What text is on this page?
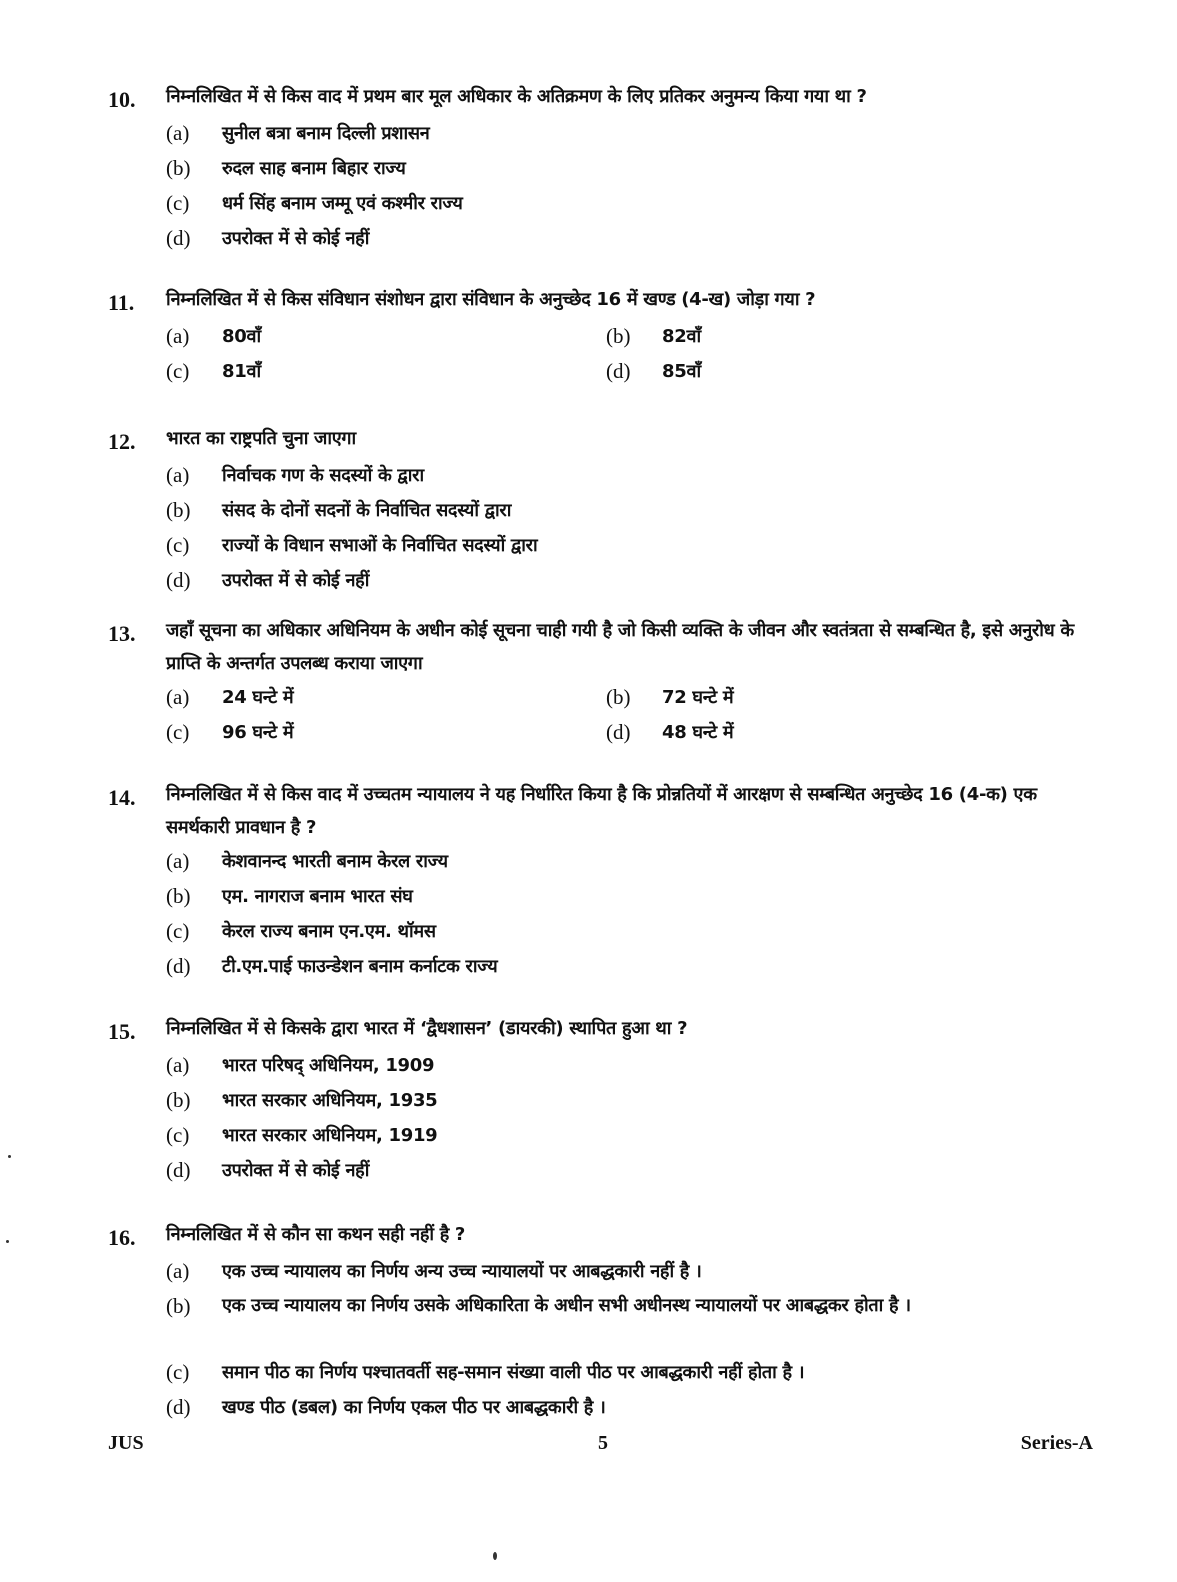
10.	निम्नलिखित में से किस वाद में प्रथम बार मूल अधिकार के अतिक्रमण के लिए प्रतिकर अनुमन्य किया गया था ?
(a)	सुनील बत्रा बनाम दिल्ली प्रशासन
(b)	रुदल साह बनाम बिहार राज्य
(c)	धर्म सिंह बनाम जम्मू एवं कश्मीर राज्य
(d)	उपरोक्त में से कोई नहीं
11.	निम्नलिखित में से किस संविधान संशोधन द्वारा संविधान के अनुच्छेद 16 में खण्ड (4-ख) जोड़ा गया ?
(a)	80वाँ	(b)	82वाँ
(c)	81वाँ	(d)	85वाँ
12.	भारत का राष्ट्रपति चुना जाएगा
(a)	निर्वाचक गण के सदस्यों के द्वारा
(b)	संसद के दोनों सदनों के निर्वाचित सदस्यों द्वारा
(c)	राज्यों के विधान सभाओं के निर्वाचित सदस्यों द्वारा
(d)	उपरोक्त में से कोई नहीं
13.	जहाँ सूचना का अधिकार अधिनियम के अधीन कोई सूचना चाही गयी है जो किसी व्यक्ति के जीवन और स्वतंत्रता से सम्बन्धित है, इसे अनुरोध के प्राप्ति के अन्तर्गत उपलब्ध कराया जाएगा
(a)	24 घन्टे में	(b)	72 घन्टे में
(c)	96 घन्टे में	(d)	48 घन्टे में
14.	निम्नलिखित में से किस वाद में उच्चतम न्यायालय ने यह निर्धारित किया है कि प्रोन्नतियों में आरक्षण से सम्बन्धित अनुच्छेद 16 (4-क) एक समर्थकारी प्रावधान है ?
(a)	केशवानन्द भारती बनाम केरल राज्य
(b)	एम. नागराज बनाम भारत संघ
(c)	केरल राज्य बनाम एन.एम. थॉमस
(d)	टी.एम.पाई फाउन्डेशन बनाम कर्नाटक राज्य
15.	निम्नलिखित में से किसके द्वारा भारत में ‘द्वैधशासन’ (डायरकी) स्थापित हुआ था ?
(a)	भारत परिषद् अधिनियम, 1909
(b)	भारत सरकार अधिनियम, 1935
(c)	भारत सरकार अधिनियम, 1919
(d)	उपरोक्त में से कोई नहीं
16.	निम्नलिखित में से कौन सा कथन सही नहीं है ?
(a)	एक उच्च न्यायालय का निर्णय अन्य उच्च न्यायालयों पर आबद्धकारी नहीं है ।
(b)	एक उच्च न्यायालय का निर्णय उसके अधिकारिता के अधीन सभी अधीनस्थ न्यायालयों पर आबद्धकर होता है ।
(c)	समान पीठ का निर्णय पश्चातवर्ती सह-समान संख्या वाली पीठ पर आबद्धकारी नहीं होता है ।
(d)	खण्ड पीठ (डबल) का निर्णय एकल पीठ पर आबद्धकारी है ।
JUS	5	Series-A
